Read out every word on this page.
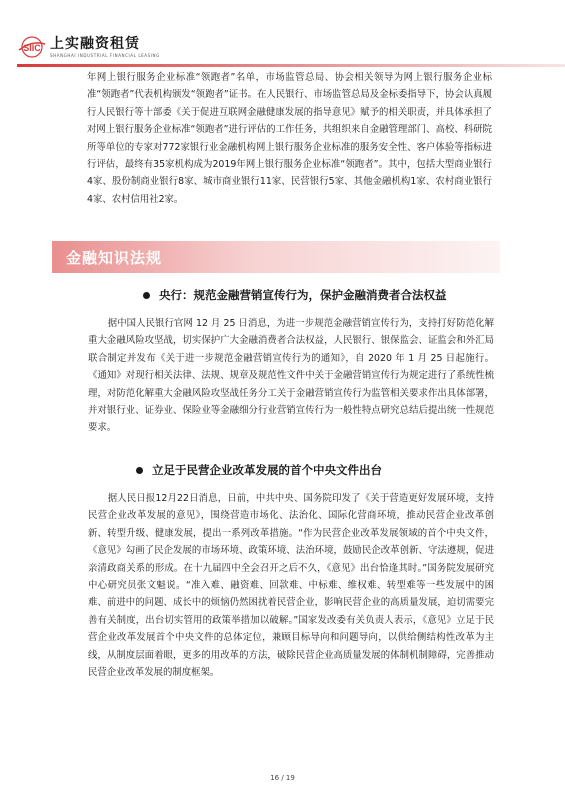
SIIC 上实融资租赁
SHANGHAI INDUSTRIAL FINANCIAL LEASING

年网上银行服务企业标准“领跑者”名单，市场监管总局、协会相关领导为网上银行服务企业标准“领跑者”代表机构颁发“领跑者”证书。在人民银行、市场监管总局及金标委指导下，协会认真履行人民银行等十部委《关于促进互联网金融健康发展的指导意见》赋予的相关职责，并具体承担了对网上银行服务企业标准“领跑者”进行评估的工作任务，共组织来自金融管理部门、高校、科研院所等单位的专家对772家银行业金融机构网上银行服务企业标准的服务安全性、客户体验等指标进行评估，最终有35家机构成为2019年网上银行服务企业标准“领跑者”。其中，包括大型商业银行4家、股份制商业银行8家、城市商业银行11家、民营银行5家、其他金融机构1家、农村商业银行4家、农村信用社2家。

金融知识法规
央行：规范金融营销宣传行为，保护金融消费者合法权益

据中国人民银行官网 12 月 25 日消息，为进一步规范金融营销宣传行为，支持打好防范化解重大金融风险攻坚战，切实保护广大金融消费者合法权益，人民银行、银保监会、证监会和外汇局联合制定并发布《关于进一步规范金融营销宣传行为的通知》，自 2020 年 1 月 25 日起施行。《通知》对现行相关法律、法规、规章及规范性文件中关于金融营销宣传行为规定进行了系统性梳理，对防范化解重大金融风险攻坚战任务分工关于金融营销宣传行为监管相关要求作出具体部署，并对银行业、证券业、保险业等金融细分行业营销宣传行为一般性特点研究总结后提出统一性规范要求。

立足于民营企业改革发展的首个中央文件出台

据人民日报12月22日消息，日前，中共中央、国务院印发了《关于营造更好发展环境，支持民营企业改革发展的意见》，围绕营造市场化、法治化、国际化营商环境，推动民营企业改革创新、转型升级、健康发展，提出一系列改革措施。“作为民营企业改革发展领域的首个中央文件，《意见》勾画了民企发展的市场环境、政策环境、法治环境，鼓励民企改革创新、守法遵规，促进亲清政商关系的形成。在十九届四中全会召开之后不久，《意见》出台恰逢其时。”国务院发展研究中心研究员张文魁说。“准入难、融资难、回款难、中标难、维权难、转型难等一些发展中的困难、前进中的问题、成长中的烦恼仍然困扰着民营企业，影响民营企业的高质量发展，迫切需要完善有关制度，出台切实管用的政策举措加以破解。”国家发改委有关负责人表示，《意见》立足于民营企业改革发展首个中央文件的总体定位，兼顾目标导向和问题导向，以供给侧结构性改革为主线，从制度层面着眼，更多的用改革的方法，破除民营企业高质量发展的体制机制障碍，完善推动民营企业改革发展的制度框架。

16 / 19
